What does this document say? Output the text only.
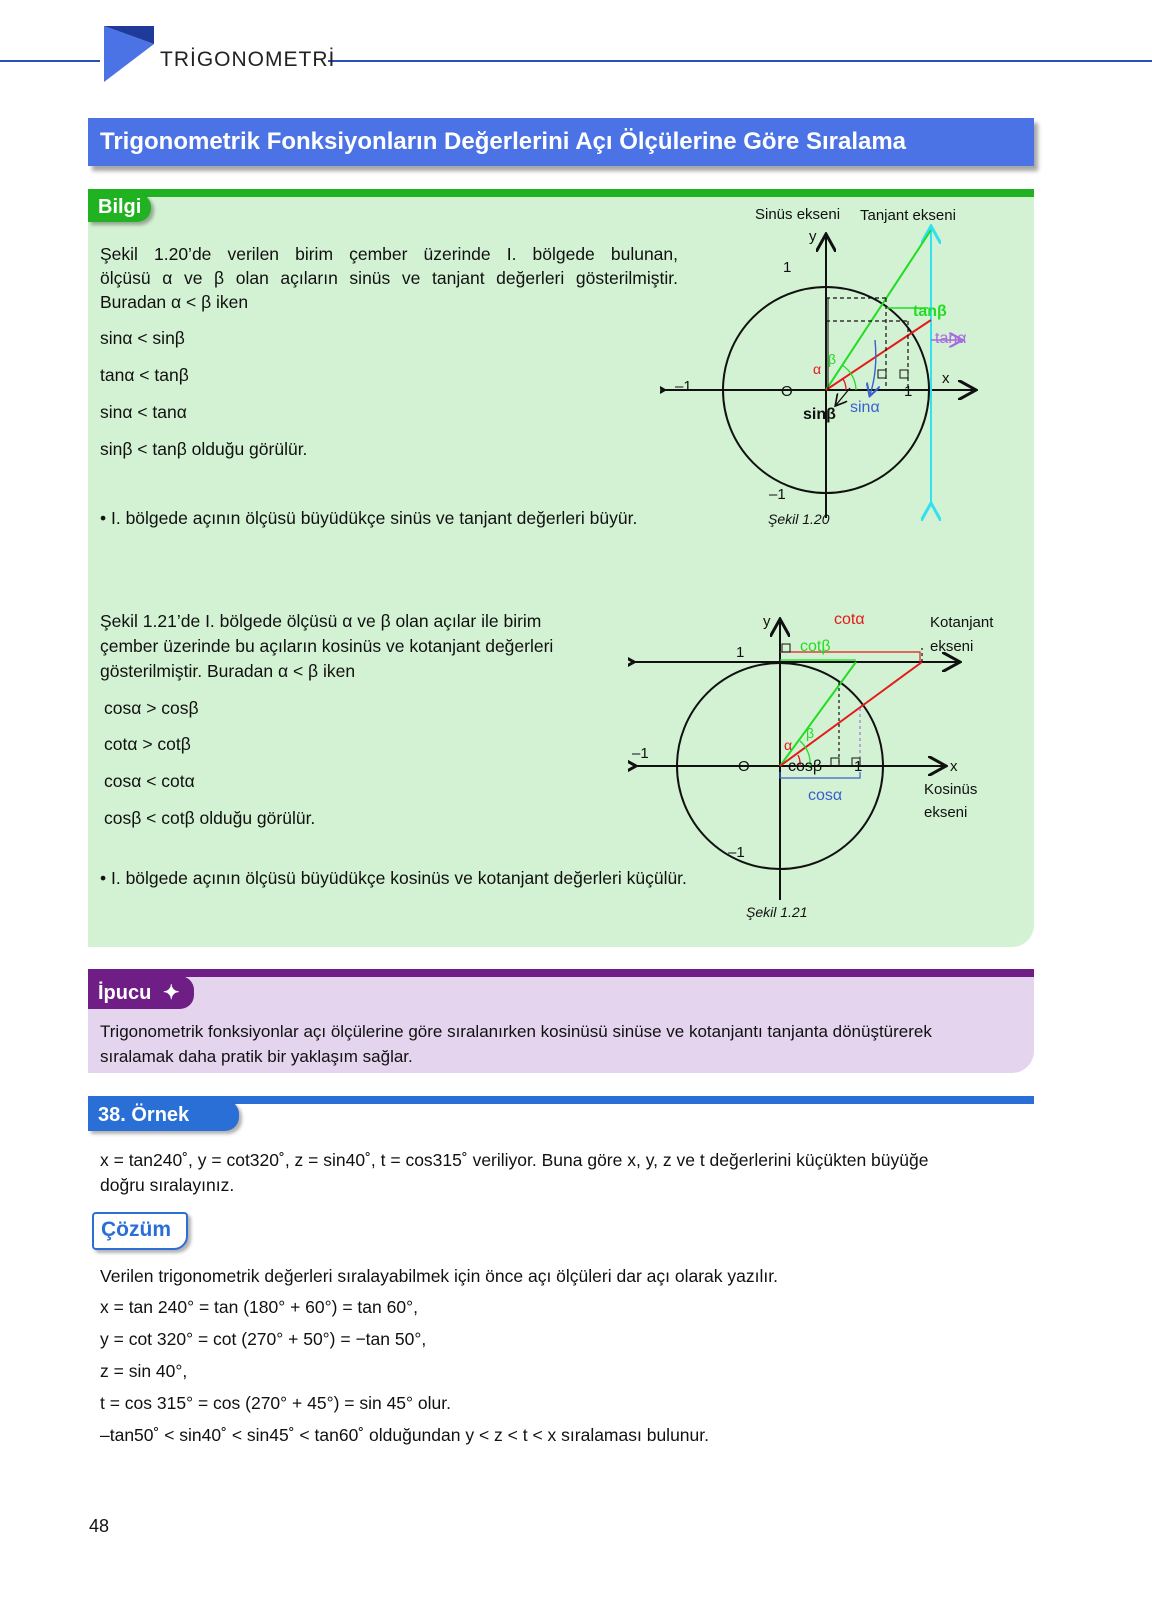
TRİGONOMETRİ
Trigonometrik Fonksiyonların Değerlerini Açı Ölçülerine Göre Sıralama
Bilgi
Şekil 1.20’de verilen birim çember üzerinde I. bölgede bulunan,
ölçüsü α ve β olan açıların sinüs ve tanjant değerleri gösterilmiştir.
Buradan α < β iken
sinα < sinβ
tanα < tanβ
sinα < tanα
sinβ < tanβ olduğu görülür.
• I. bölgede açının ölçüsü büyüdükçe sinüs ve tanjant değerleri büyür.
Şekil 1.21’de I. bölgede ölçüsü α ve β olan açılar ile birim
çember üzerinde bu açıların kosinüs ve kotanjant değerleri
gösterilmiştir. Buradan α < β iken
cosα > cosβ
cotα > cotβ
cosα < cotα
cosβ < cotβ olduğu görülür.
• I. bölgede açının ölçüsü büyüdükçe kosinüs ve kotanjant değerleri küçülür.
Sinüs ekseni Tanjant ekseni
y
x
1
1
–1
–1
O
tanβ
tanα
sinβ sinα
α
β
Şekil 1.20
y
x
1
1
–1
–1
O
cotα
cotβ
cosβ
cosα
α
β
Kotanjant
ekseni
Kosinüs
ekseni
Şekil 1.21
İpucu ✦
Trigonometrik fonksiyonlar açı ölçülerine göre sıralanırken kosinüsü sinüse ve kotanjantı tanjanta dönüştürerek
sıralamak daha pratik bir yaklaşım sağlar.
38. Örnek
x = tan240˚, y = cot320˚, z = sin40˚, t = cos315˚ veriliyor. Buna göre x, y, z ve t değerlerini küçükten büyüğe
doğru sıralayınız.
Çözüm
Verilen trigonometrik değerleri sıralayabilmek için önce açı ölçüleri dar açı olarak yazılır.
x = tan 240° = tan (180° + 60°) = tan 60°,
y = cot 320° = cot (270° + 50°) = −tan 50°,
z = sin 40°,
t = cos 315° = cos (270° + 45°) = sin 45° olur.
–tan50˚ < sin40˚ < sin45˚ < tan60˚ olduğundan y < z < t < x sıralaması bulunur.
48
